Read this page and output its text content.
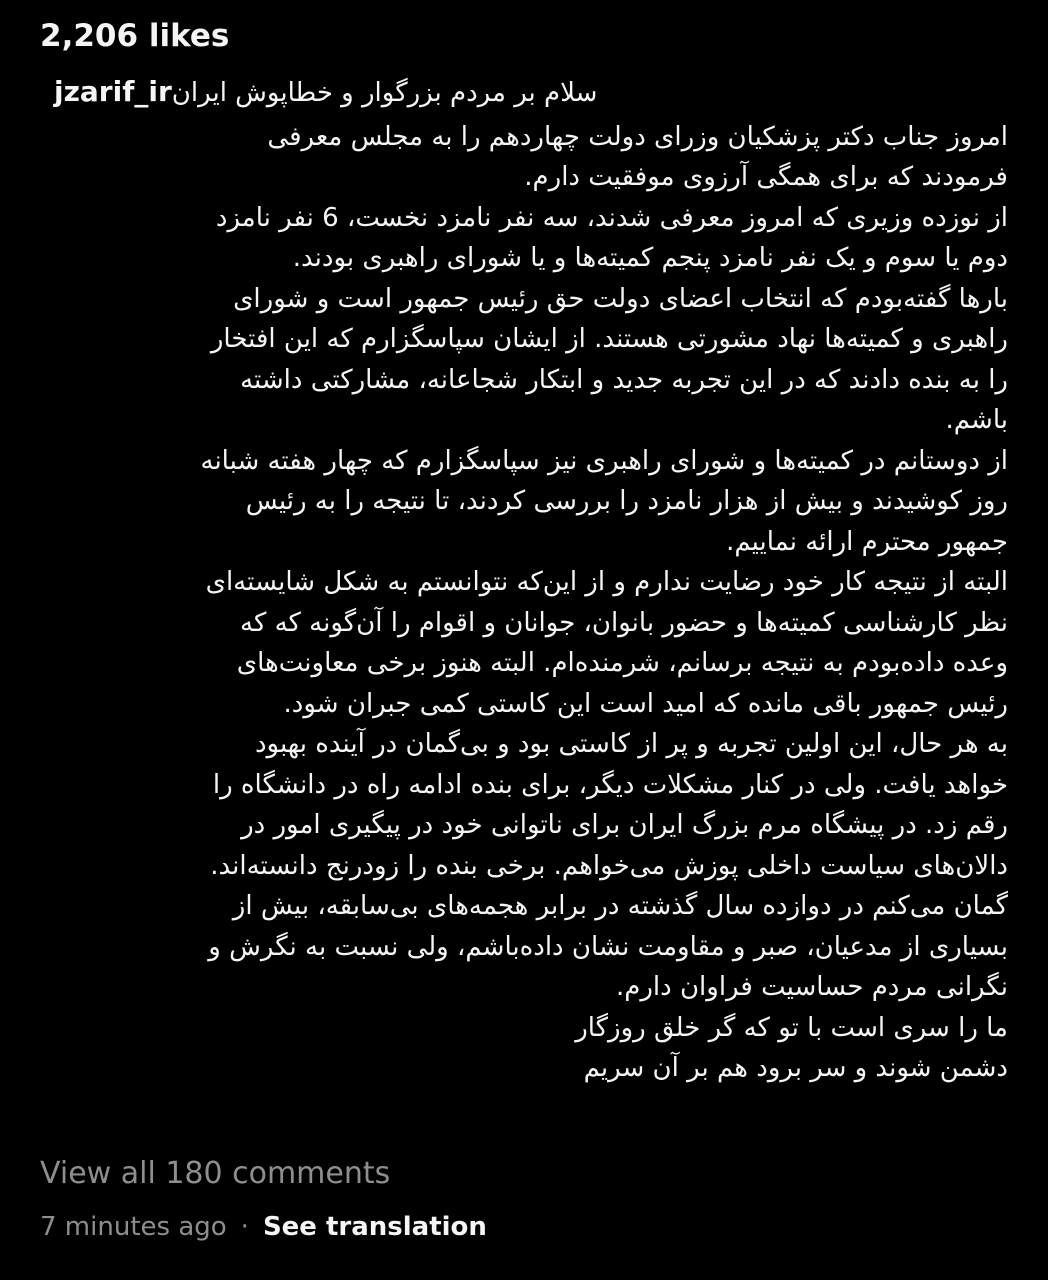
2,206 likes
jzarif_ir سلام بر مردم بزرگوار و خطاپوش ایران
امروز جناب دکتر پزشکیان وزرای دولت چهاردهم را به مجلس معرفی
فرمودند که برای همگی آرزوی موفقیت دارم.
از نوزده وزیری که امروز معرفی شدند، سه نفر نامزد نخست، 6 نفر نامزد
دوم یا سوم و یک نفر نامزد پنجم کمیته‌ها و یا شورای راهبری بودند.
بارها گفته‌بودم که انتخاب اعضای دولت حق رئیس جمهور است و شورای
راهبری و کمیته‌ها نهاد مشورتی هستند. از ایشان سپاسگزارم که این افتخار
را به بنده دادند که در این تجربه جدید و ابتکار شجاعانه، مشارکتی داشته
باشم.
از دوستانم در کمیته‌ها و شورای راهبری نیز سپاسگزارم که چهار هفته شبانه
روز کوشیدند و بیش از هزار نامزد را بررسی کردند، تا نتیجه را به رئیس
جمهور محترم ارائه نماییم.
البته از نتیجه کار خود رضایت ندارم و از این‌که نتوانستم به شکل شایسته‌ای
نظر کارشناسی کمیته‌ها و حضور بانوان، جوانان و اقوام را آن‌گونه که که
وعده داده‌بودم به نتیجه برسانم، شرمنده‌ام. البته هنوز برخی معاونت‌های
رئیس جمهور باقی مانده که امید است این کاستی کمی جبران شود.
به هر حال، این اولین تجربه و پر از کاستی بود و بی‌گمان در آینده بهبود
خواهد یافت. ولی در کنار مشکلات دیگر، برای بنده ادامه راه در دانشگاه را
رقم زد. در پیشگاه مرم بزرگ ایران برای ناتوانی خود در پیگیری امور در
دالان‌های سیاست داخلی پوزش می‌خواهم. برخی بنده را زودرنج دانسته‌اند.
گمان می‌کنم در دوازده سال گذشته در برابر هجمه‌های بی‌سابقه، بیش از
بسیاری از مدعیان، صبر و مقاومت نشان داده‌باشم، ولی نسبت به نگرش و
نگرانی مردم حساسیت فراوان دارم.
ما را سری است با تو که گر خلق روزگار
دشمن شوند و سر برود هم بر آن سریم
View all 180 comments
7 minutes ago · See translation
